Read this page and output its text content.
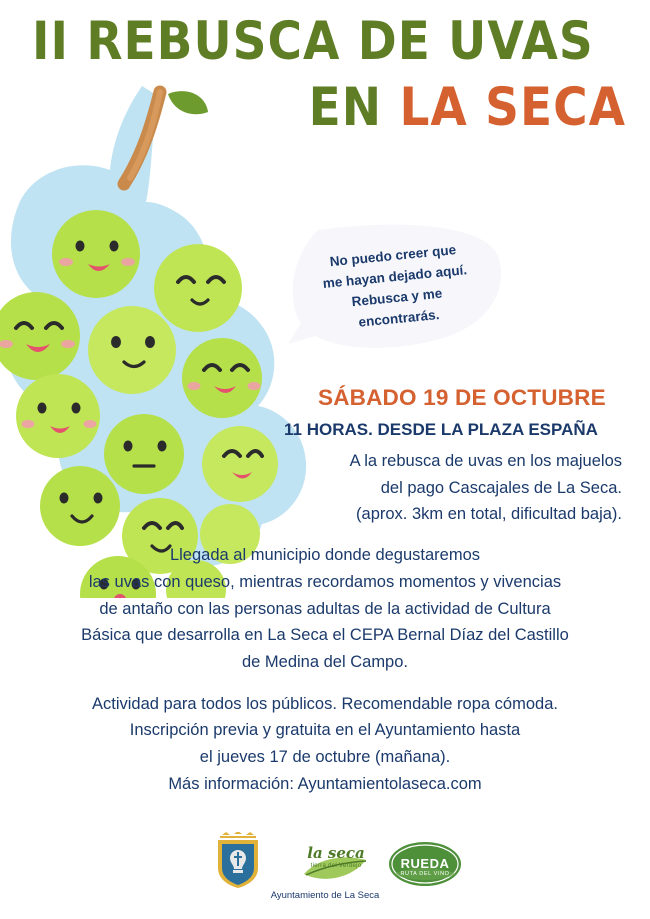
II REBUSCA DE UVAS
EN LA SECA
No puedo creer que
me hayan dejado aquí.
Rebusca y me
encontrarás.
SÁBADO 19 DE OCTUBRE
11 HORAS. DESDE LA PLAZA ESPAÑA
A la rebusca de uvas en los majuelos
del pago Cascajales de La Seca.
(aprox. 3km en total, dificultad baja).
Llegada al municipio donde degustaremos
las uvas con queso, mientras recordamos momentos y vivencias
de antaño con las personas adultas de la actividad de Cultura
Básica que desarrolla en La Seca el CEPA Bernal Díaz del Castillo
de Medina del Campo.
Actividad para todos los públicos. Recomendable ropa cómoda.
Inscripción previa y gratuita en el Ayuntamiento hasta
el jueves 17 de octubre (mañana).
Más información: Ayuntamientolaseca.com
la seca
tierra del Verdejo	RUEDA
RUTA DEL VINO
Ayuntamiento de La Seca
